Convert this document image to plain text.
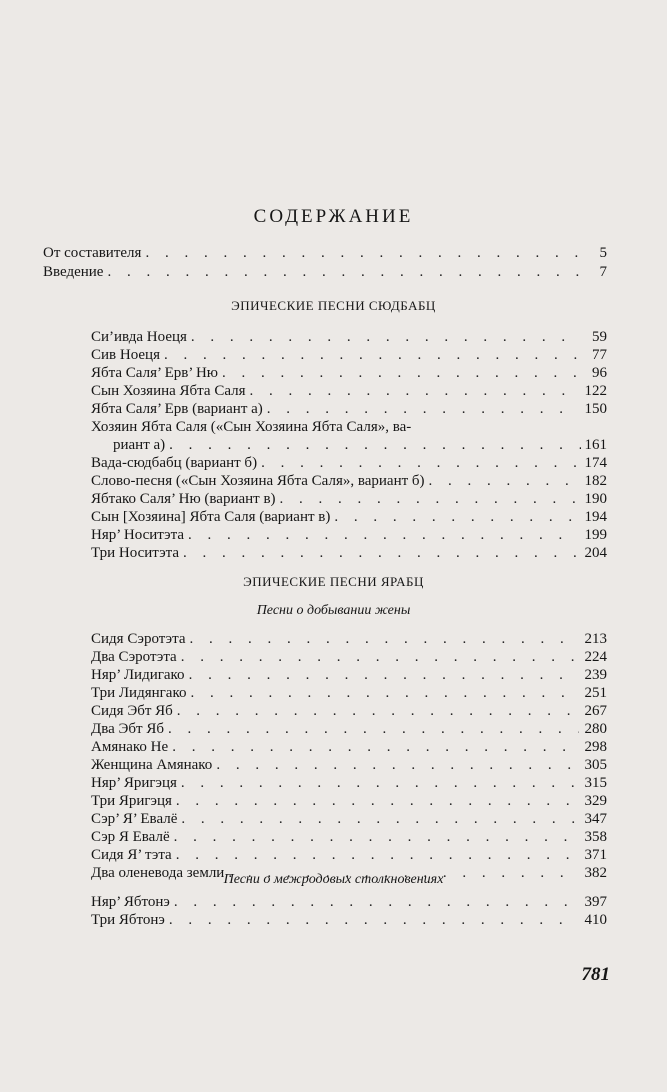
СОДЕРЖАНИЕ
От составителя . . .	5
Введение . . .	7
ЭПИЧЕСКИЕ ПЕСНИ СЮДБАБЦ
Си’ивда Ноеця . . .	59
Сив Ноеця . . .	77
Ябта Саля’ Ерв’ Ню . . .	96
Сын Хозяина Ябта Саля . . .	122
Ябта Саля’ Ерв (вариант а) . . .	150
Хозяин Ябта Саля («Сын Хозяина Ябта Саля», ва-
риант а) . . .	161
Вада-сюдбабц (вариант б) . . .	174
Слово-песня («Сын Хозяина Ябта Саля», вариант б) . . .	182
Ябтако Саля’ Ню (вариант в) . . .	190
Сын [Хозяина] Ябта Саля (вариант в) . . .	194
Няр’ Носитэта . . .	199
Три Носитэта . . .	204
ЭПИЧЕСКИЕ ПЕСНИ ЯРАБЦ
Песни о добывании жены
Сидя Сэротэта . . .	213
Два Сэротэта . . .	224
Няр’ Лидигако . . .	239
Три Лидянгако . . .	251
Сидя Эбт Яб . . .	267
Два Эбт Яб . . .	280
Амянако Не . . .	298
Женщина Амянако . . .	305
Няр’ Яригэця . . .	315
Три Яригэця . . .	329
Сэр’ Я’ Евалё . . .	347
Сэр Я Евалё . . .	358
Сидя Я’ тэта . . .	371
Два оленевода земли . . .	382
Песни о межродовых столкновениях
Няр’ Ябтонэ . . .	397
Три Ябтонэ . . .	410
781
